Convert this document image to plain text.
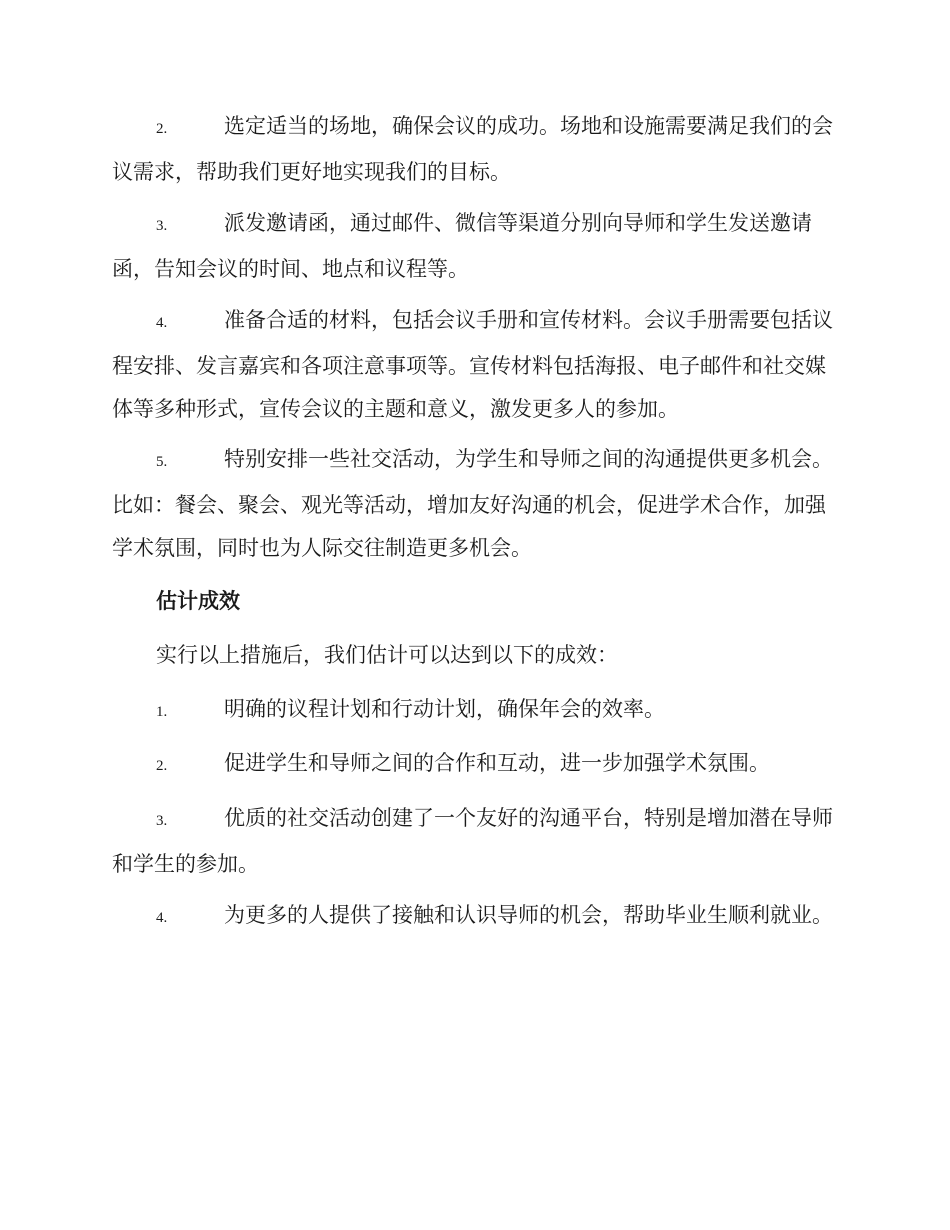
2.	选定适当的场地，确保会议的成功。场地和设施需要满足我们的会议需求，帮助我们更好地实现我们的目标。

3.	派发邀请函，通过邮件、微信等渠道分别向导师和学生发送邀请函，告知会议的时间、地点和议程等。

4.	准备合适的材料，包括会议手册和宣传材料。会议手册需要包括议程安排、发言嘉宾和各项注意事项等。宣传材料包括海报、电子邮件和社交媒体等多种形式，宣传会议的主题和意义，激发更多人的参加。

5.	特别安排一些社交活动，为学生和导师之间的沟通提供更多机会。比如：餐会、聚会、观光等活动，增加友好沟通的机会，促进学术合作，加强学术氛围，同时也为人际交往制造更多机会。

估计成效

实行以上措施后，我们估计可以达到以下的成效：

1.	明确的议程计划和行动计划，确保年会的效率。

2.	促进学生和导师之间的合作和互动，进一步加强学术氛围。

3.	优质的社交活动创建了一个友好的沟通平台，特别是增加潜在导师和学生的参加。

4.	为更多的人提供了接触和认识导师的机会，帮助毕业生顺利就业。
